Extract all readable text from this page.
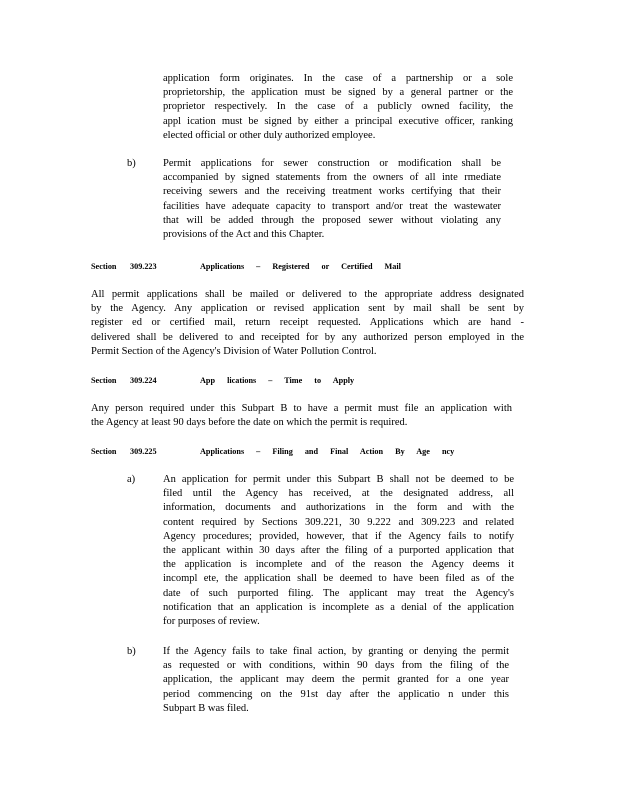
application form originates. In the case of a partnership or a sole
proprietorship, the application must be signed by a general partner or the
proprietor respectively. In the case of a publicly owned facility, the
appl ication must be signed by either a principal executive officer, ranking
elected official or other duly authorized employee.
b)	Permit applications for sewer construction or modification shall be
accompanied by signed statements from the owners of all inte rmediate
receiving sewers and the receiving treatment works certifying that their
facilities have adequate capacity to transport and/or treat the wastewater
that will be added through the proposed sewer without violating any
provisions of the Act and this Chapter.
Section 309.223	Applications – Registered or Certified Mail
All permit applications shall be mailed or delivered to the appropriate address designated
by the Agency. Any application or revised application sent by mail shall be sent by
register ed or certified mail, return receipt requested. Applications which are hand -
delivered shall be delivered to and receipted for by any authorized person employed in the
Permit Section of the Agency's Division of Water Pollution Control.
Section 309.224	App lications – Time to Apply
Any person required under this Subpart B to have a permit must file an application with
the Agency at least 90 days before the date on which the permit is required.
Section 309.225	Applications – Filing and Final Action By Age ncy
a)	An application for permit under this Subpart B shall not be deemed to be
filed until the Agency has received, at the designated address, all
information, documents and authorizations in the form and with the
content required by Sections 309.221, 30 9.222 and 309.223 and related
Agency procedures; provided, however, that if the Agency fails to notify
the applicant within 30 days after the filing of a purported application that
the application is incomplete and of the reason the Agency deems it
incompl ete, the application shall be deemed to have been filed as of the
date of such purported filing. The applicant may treat the Agency's
notification that an application is incomplete as a denial of the application
for purposes of review.
b)	If the Agency fails to take final action, by granting or denying the permit
as requested or with conditions, within 90 days from the filing of the
application, the applicant may deem the permit granted for a one year
period commencing on the 91st day after the applicatio n under this
Subpart B was filed.
